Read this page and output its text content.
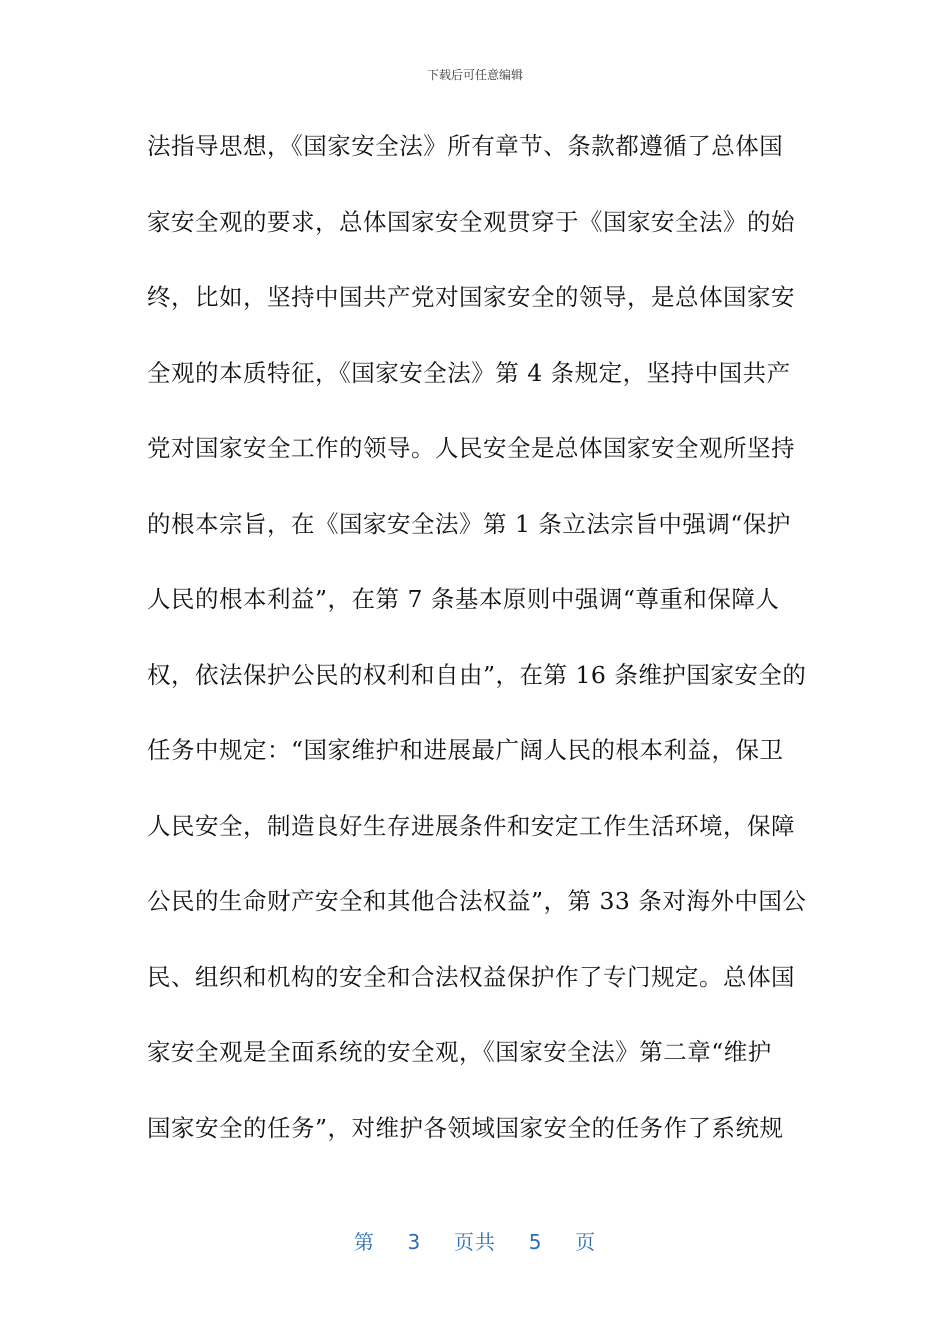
下载后可任意编辑
法指导思想，《国家安全法》所有章节、条款都遵循了总体国
家安全观的要求，总体国家安全观贯穿于《国家安全法》的始
终，比如，坚持中国共产党对国家安全的领导，是总体国家安
全观的本质特征，《国家安全法》第 4 条规定，坚持中国共产
党对国家安全工作的领导。人民安全是总体国家安全观所坚持
的根本宗旨，在《国家安全法》第 1 条立法宗旨中强调“保护
人民的根本利益”，在第 7 条基本原则中强调“尊重和保障人
权，依法保护公民的权利和自由”，在第 16 条维护国家安全的
任务中规定：“国家维护和进展最广阔人民的根本利益，保卫
人民安全，制造良好生存进展条件和安定工作生活环境，保障
公民的生命财产安全和其他合法权益”，第 33 条对海外中国公
民、组织和机构的安全和合法权益保护作了专门规定。总体国
家安全观是全面系统的安全观，《国家安全法》第二章“维护
国家安全的任务”，对维护各领域国家安全的任务作了系统规
第 3 页共 5 页
